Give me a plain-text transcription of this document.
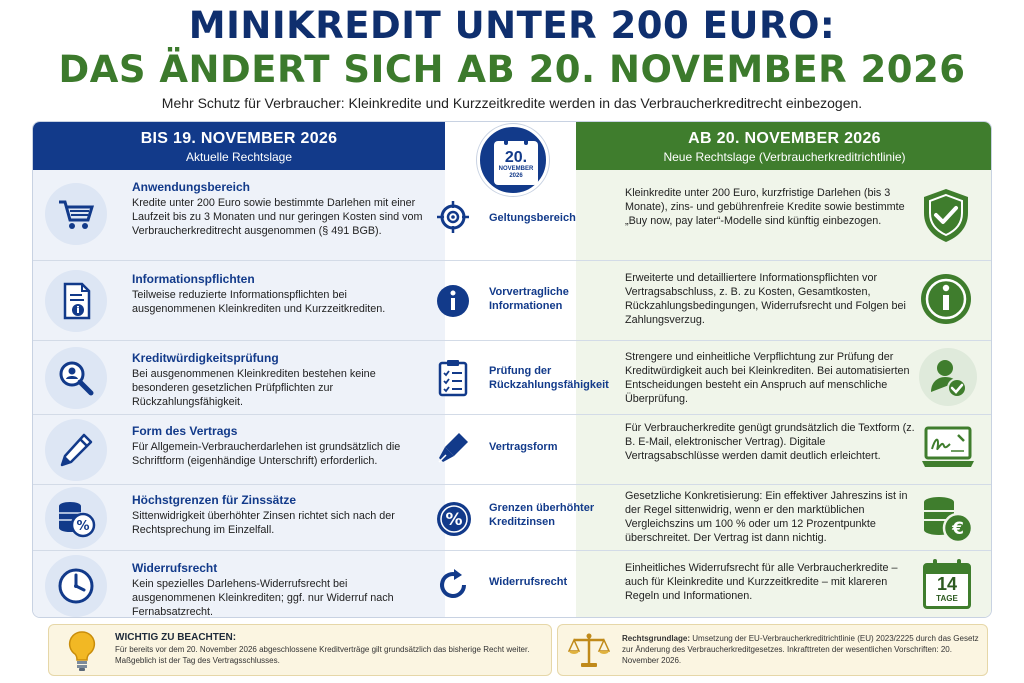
MINIKREDIT UNTER 200 EURO:
DAS ÄNDERT SICH AB 20. NOVEMBER 2026
Mehr Schutz für Verbraucher: Kleinkredite und Kurzzeitkredite werden in das Verbraucherkreditrecht einbezogen.
BIS 19. NOVEMBER 2026
Aktuelle Rechtslage
AB 20. NOVEMBER 2026
Neue Rechtslage (Verbraucherkreditrichtlinie)
20.
NOVEMBER
2026
Anwendungsbereich
Kredite unter 200 Euro sowie bestimmte Darlehen mit einer Laufzeit bis zu 3 Monaten und nur geringen Kosten sind vom Verbraucherkreditrecht ausgenommen (§ 491 BGB).
Geltungsbereich
Kleinkredite unter 200 Euro, kurzfristige Darlehen (bis 3 Monate), zins- und gebührenfreie Kredite sowie bestimmte „Buy now, pay later“-Modelle sind künftig einbezogen.
Informationspflichten
Teilweise reduzierte Informationspflichten bei ausgenommenen Kleinkrediten und Kurzzeitkrediten.
Vorvertragliche Informationen
Erweiterte und detailliertere Informationspflichten vor Vertragsabschluss, z. B. zu Kosten, Gesamtkosten, Rückzahlungsbedingungen, Widerrufsrecht und Folgen bei Zahlungsverzug.
Kreditwürdigkeitsprüfung
Bei ausgenommenen Kleinkrediten bestehen keine besonderen gesetzlichen Prüfpflichten zur Rückzahlungsfähigkeit.
Prüfung der Rückzahlungsfähigkeit
Strengere und einheitliche Verpflichtung zur Prüfung der Kreditwürdigkeit auch bei Kleinkrediten. Bei automatisierten Entscheidungen besteht ein Anspruch auf menschliche Überprüfung.
Form des Vertrags
Für Allgemein-Verbraucherdarlehen ist grundsätzlich die Schriftform (eigenhändige Unterschrift) erforderlich.
Vertragsform
Für Verbraucherkredite genügt grundsätzlich die Textform (z. B. E-Mail, elektronischer Vertrag). Digitale Vertragsabschlüsse werden damit deutlich erleichtert.
%
Höchstgrenzen für Zinssätze
Sittenwidrigkeit überhöhter Zinsen richtet sich nach der Rechtsprechung im Einzelfall.	%
Grenzen überhöhter Kreditzinsen
Gesetzliche Konkretisierung: Ein effektiver Jahreszins ist in der Regel sittenwidrig, wenn er den marktüblichen Vergleichszins um 100 % oder um 12 Prozentpunkte überschreitet. Der Vertrag ist dann nichtig.	€
Widerrufsrecht
Kein spezielles Darlehens-Widerrufsrecht bei ausgenommenen Kleinkrediten; ggf. nur Widerruf nach Fernabsatzrecht.
Widerrufsrecht
Einheitliches Widerrufsrecht für alle Verbraucherkredite – auch für Kleinkredite und Kurzzeitkredite – mit klareren Regeln und Informationen.
14
TAGE
WICHTIG ZU BEACHTEN:
Für bereits vor dem 20. November 2026 abgeschlossene Kreditverträge gilt grundsätzlich das bisherige Recht weiter. Maßgeblich ist der Tag des Vertragsschlusses.
Rechtsgrundlage: Umsetzung der EU-Verbraucherkreditrichtlinie (EU) 2023/2225 durch das Gesetz zur Änderung des Verbraucherkreditgesetzes. Inkrafttreten der wesentlichen Vorschriften: 20. November 2026.
